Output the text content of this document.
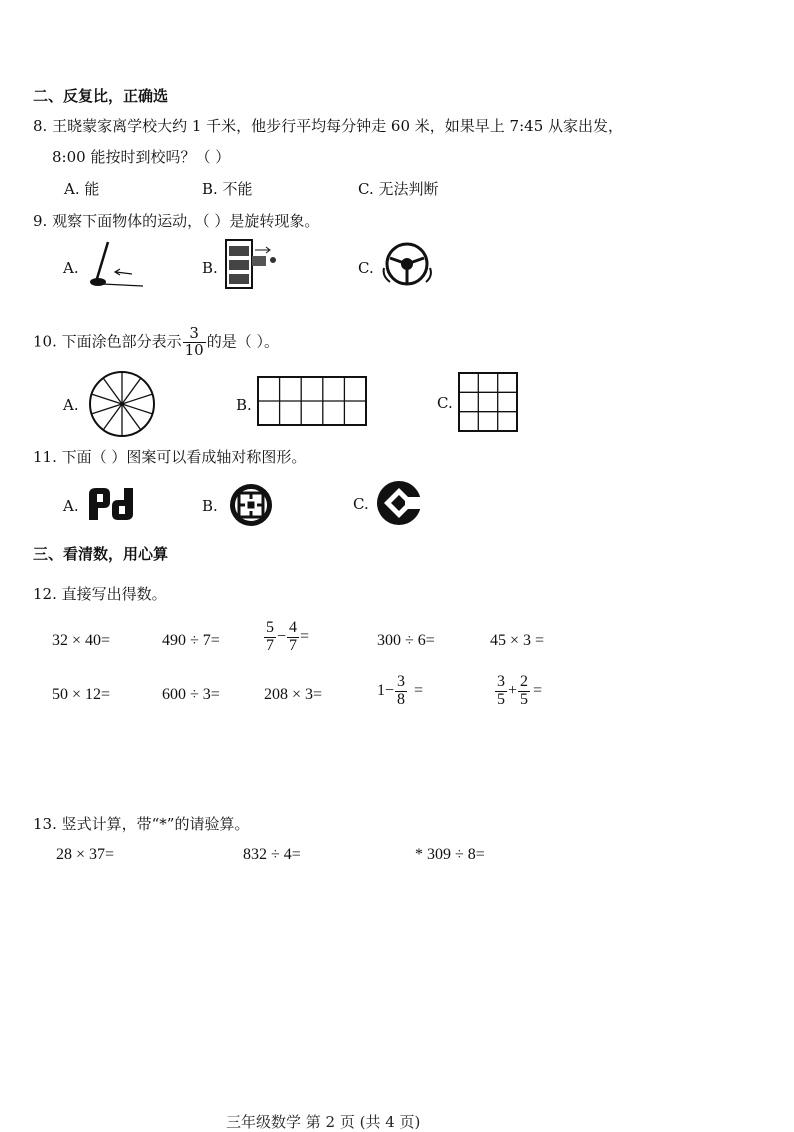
二、反复比，正确选
8. 王晓蒙家离学校大约 1 千米，他步行平均每分钟走 60 米，如果早上 7:45 从家出发，
8:00 能按时到校吗？（ ）
A. 能	B. 不能	C. 无法判断
9. 观察下面物体的运动，（ ）是旋转现象。
A.	B.	C.
10. 下面涂色部分表示 $\frac{3}{10}$ 的是（ ）。
A.	B.	C.
11. 下面（ ）图案可以看成轴对称图形。
A.	B.	C.
三、看清数，用心算
12. 直接写出得数。
32 × 40=	490 ÷ 7=	$\frac{5}{7} - \frac{4}{7}$ =	300 ÷ 6=	45 × 3 =
50 × 12=	600 ÷ 3=	208 × 3=	$1- \frac{3}{8}$ =	$\frac{3}{5} + \frac{2}{5}$ =
13. 竖式计算，带“*”的请验算。
28 × 37=	832 ÷ 4=	* 309 ÷ 8=
三年级数学 第 2 页 (共 4 页)
